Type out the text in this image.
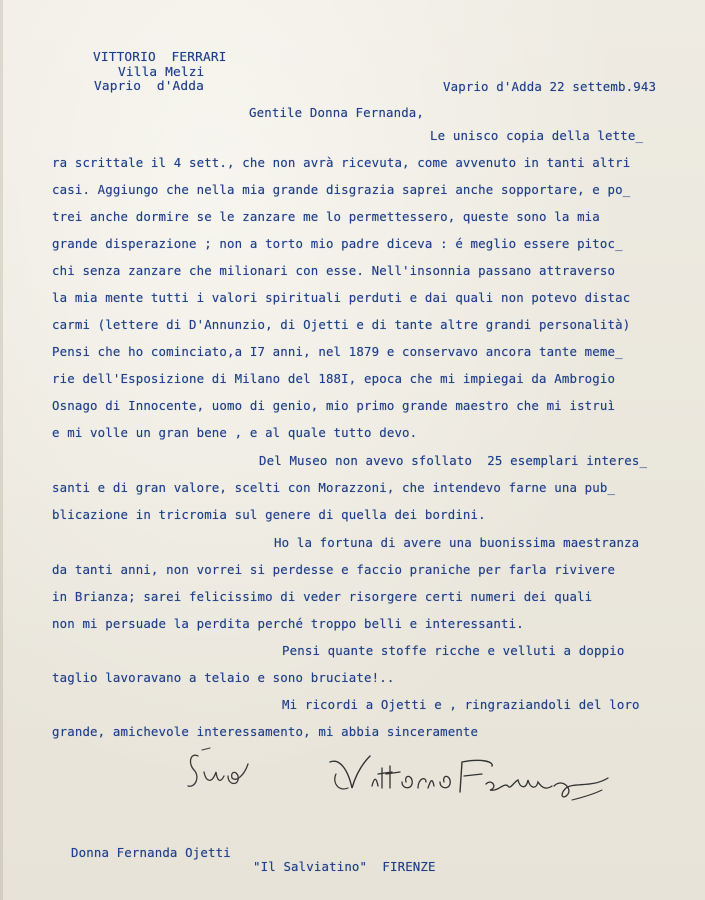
VITTORIO  FERRARI
Villa Melzi
Vaprio  d'Adda	Vaprio d'Adda 22 settemb.943
Gentile Donna Fernanda,
Le unisco copia della lette_
ra scrittale il 4 sett., che non avrà ricevuta, come avvenuto in tanti altri
casi. Aggiungo che nella mia grande disgrazia saprei anche sopportare, e po_
trei anche dormire se le zanzare me lo permettessero, queste sono la mia
grande disperazione ; non a torto mio padre diceva : é meglio essere pitoc_
chi senza zanzare che milionari con esse. Nell'insonnia passano attraverso
la mia mente tutti i valori spirituali perduti e dai quali non potevo distac
carmi (lettere di D'Annunzio, di Ojetti e di tante altre grandi personalità)
Pensi che ho cominciato,a I7 anni, nel 1879 e conservavo ancora tante meme_
rie dell'Esposizione di Milano del 188I, epoca che mi impiegai da Ambrogio
Osnago di Innocente, uomo di genio, mio primo grande maestro che mi istruì
e mi volle un gran bene , e al quale tutto devo.
Del Museo non avevo sfollato  25 esemplari interes_
santi e di gran valore, scelti con Morazzoni, che intendevo farne una pub_
blicazione in tricromia sul genere di quella dei bordini.
Ho la fortuna di avere una buonissima maestranza
da tanti anni, non vorrei si perdesse e faccio praniche per farla rivivere
in Brianza; sarei felicissimo di veder risorgere certi numeri dei quali
non mi persuade la perdita perché troppo belli e interessanti.
Pensi quante stoffe ricche e velluti a doppio
taglio lavoravano a telaio e sono bruciate!..
Mi ricordi a Ojetti e , ringraziandoli del loro
grande, amichevole interessamento, mi abbia sinceramente
Donna Fernanda Ojetti
"Il Salviatino"  FIRENZE
